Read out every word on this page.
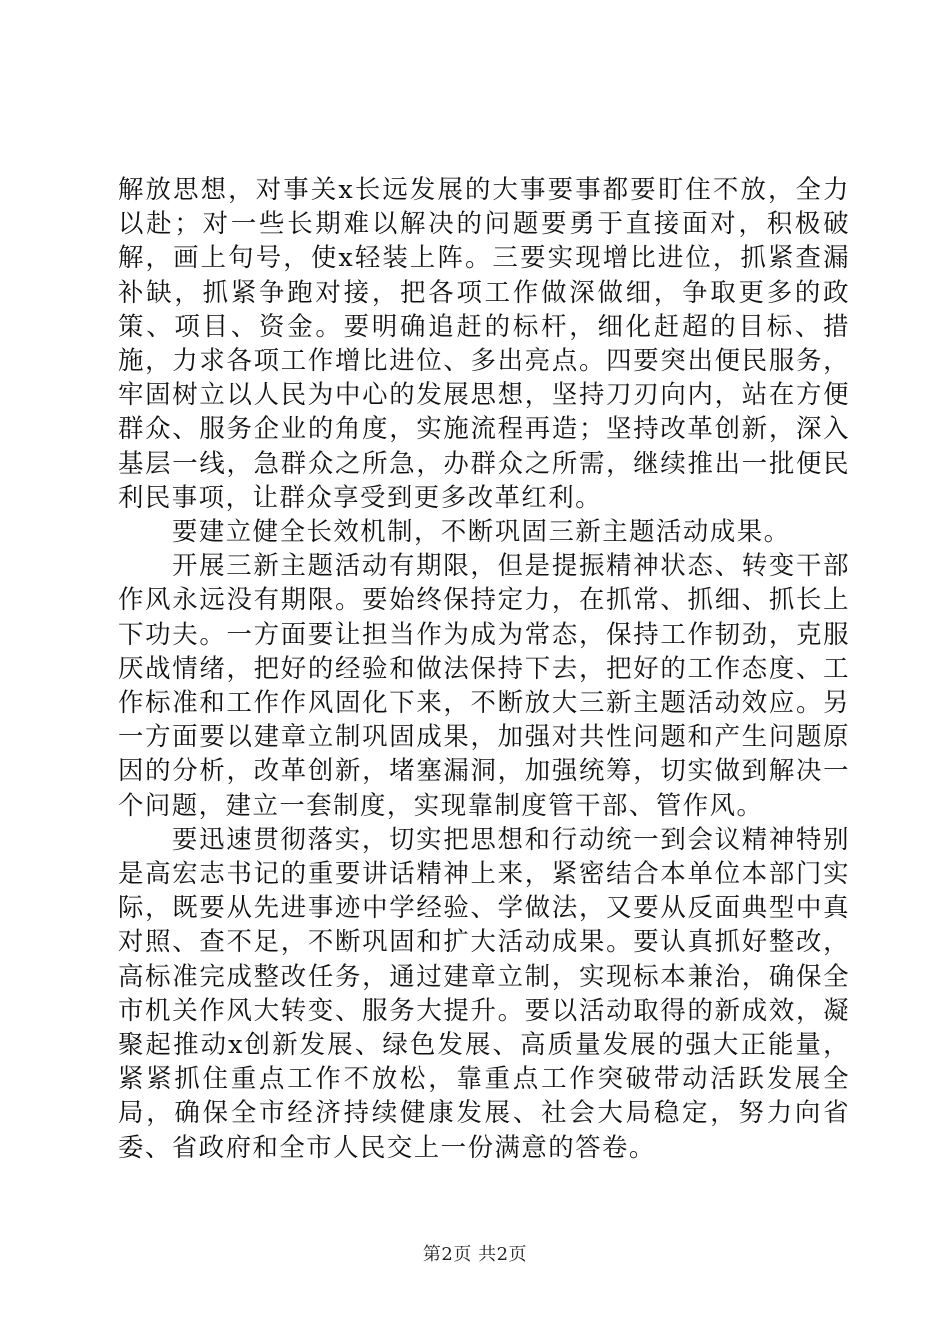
解放思想，对事关x长远发展的大事要事都要盯住不放，全力以赴；对一些长期难以解决的问题要勇于直接面对，积极破解，画上句号，使x轻装上阵。三要实现增比进位，抓紧查漏补缺，抓紧争跑对接，把各项工作做深做细，争取更多的政策、项目、资金。要明确追赶的标杆，细化赶超的目标、措施，力求各项工作增比进位、多出亮点。四要突出便民服务，牢固树立以人民为中心的发展思想，坚持刀刃向内，站在方便群众、服务企业的角度，实施流程再造；坚持改革创新，深入基层一线，急群众之所急，办群众之所需，继续推出一批便民利民事项，让群众享受到更多改革红利。

要建立健全长效机制，不断巩固三新主题活动成果。

开展三新主题活动有期限，但是提振精神状态、转变干部作风永远没有期限。要始终保持定力，在抓常、抓细、抓长上下功夫。一方面要让担当作为成为常态，保持工作韧劲，克服厌战情绪，把好的经验和做法保持下去，把好的工作态度、工作标准和工作作风固化下来，不断放大三新主题活动效应。另一方面要以建章立制巩固成果，加强对共性问题和产生问题原因的分析，改革创新，堵塞漏洞，加强统筹，切实做到解决一个问题，建立一套制度，实现靠制度管干部、管作风。

要迅速贯彻落实，切实把思想和行动统一到会议精神特别是高宏志书记的重要讲话精神上来，紧密结合本单位本部门实际，既要从先进事迹中学经验、学做法，又要从反面典型中真对照、查不足，不断巩固和扩大活动成果。要认真抓好整改，高标准完成整改任务，通过建章立制，实现标本兼治，确保全市机关作风大转变、服务大提升。要以活动取得的新成效，凝聚起推动x创新发展、绿色发展、高质量发展的强大正能量，紧紧抓住重点工作不放松，靠重点工作突破带动活跃发展全局，确保全市经济持续健康发展、社会大局稳定，努力向省委、省政府和全市人民交上一份满意的答卷。

第2页 共2页
